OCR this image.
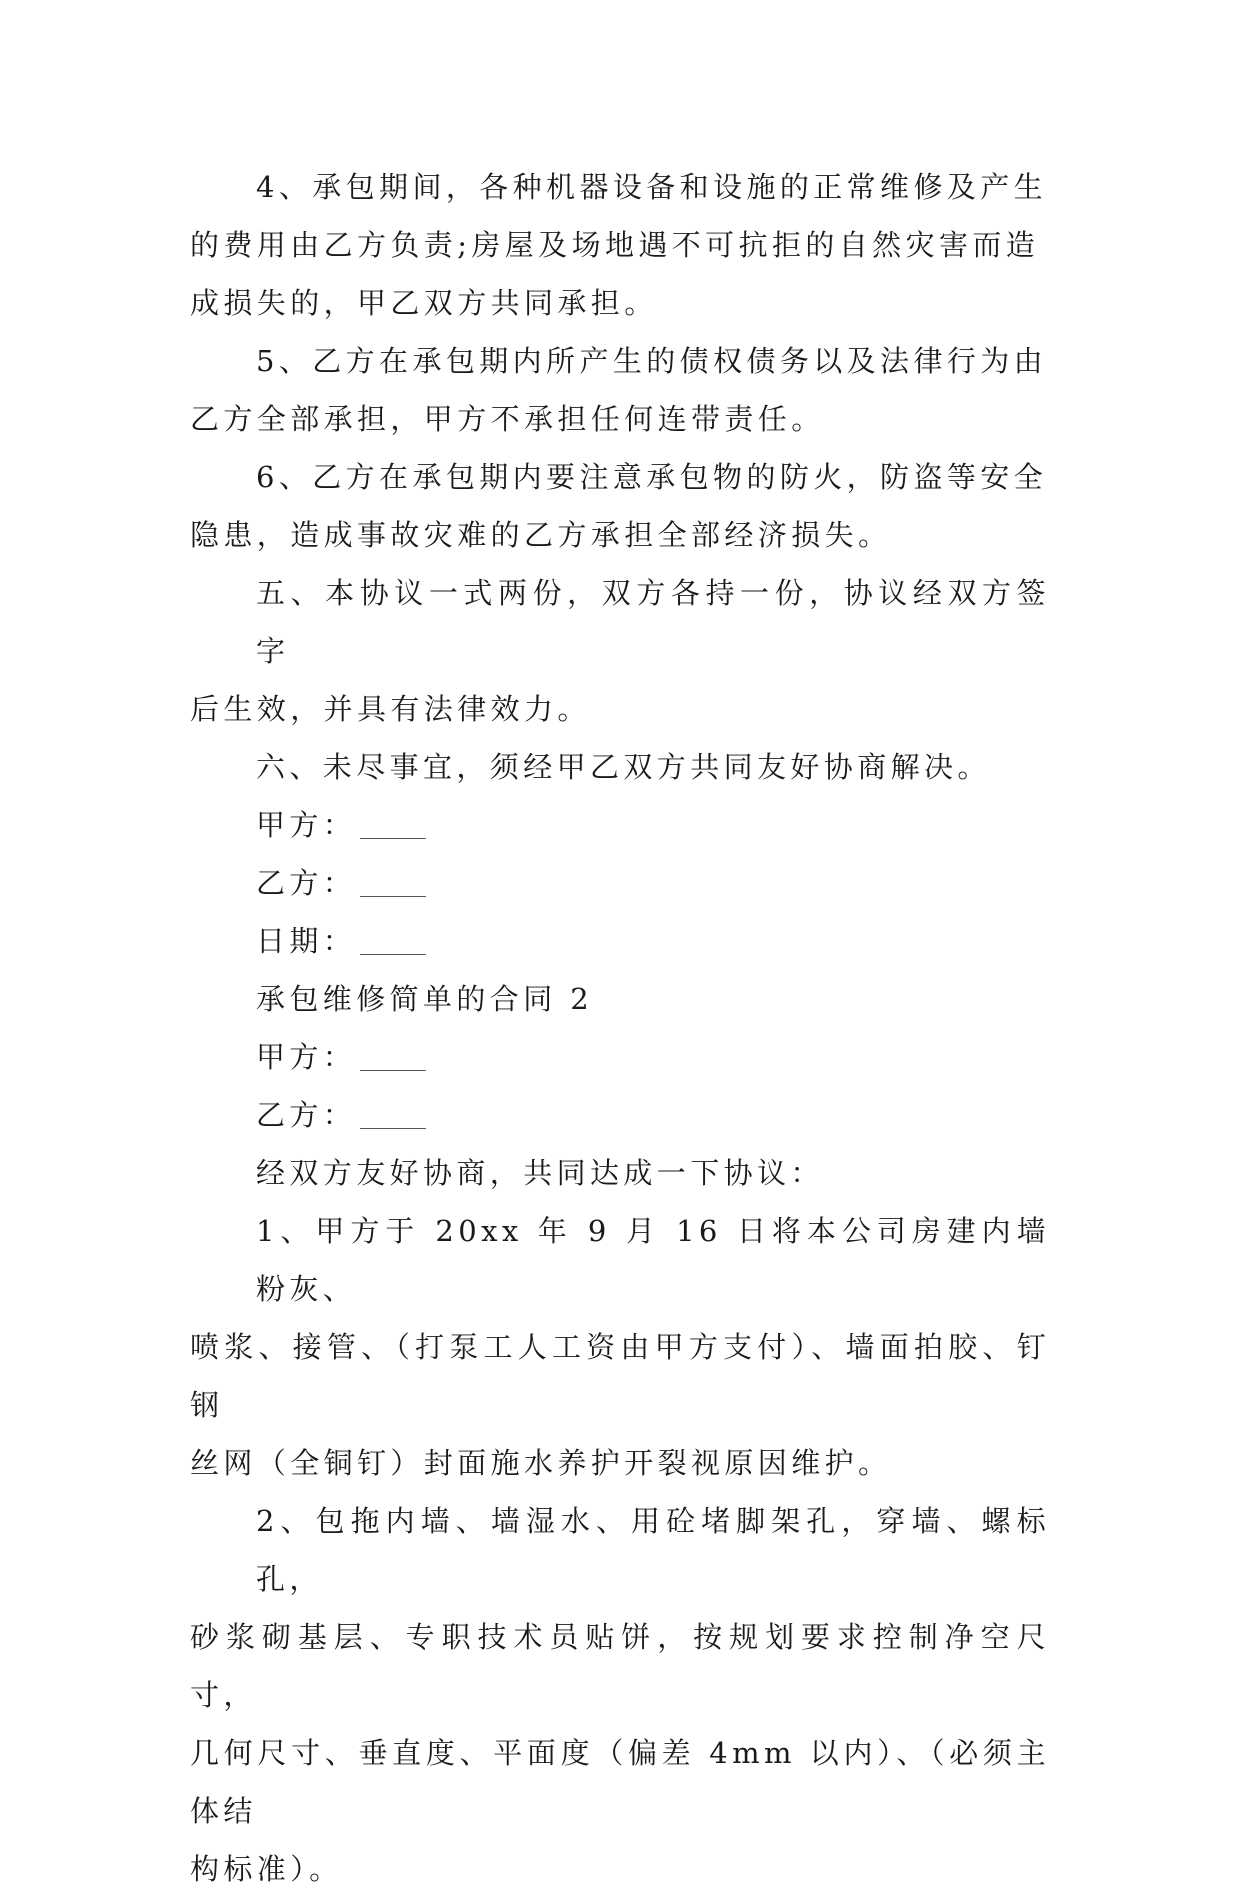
4、承包期间，各种机器设备和设施的正常维修及产生
的费用由乙方负责;房屋及场地遇不可抗拒的自然灾害而造
成损失的，甲乙双方共同承担。

5、乙方在承包期内所产生的债权债务以及法律行为由
乙方全部承担，甲方不承担任何连带责任。

6、乙方在承包期内要注意承包物的防火，防盗等安全
隐患，造成事故灾难的乙方承担全部经济损失。

五、本协议一式两份，双方各持一份，协议经双方签字
后生效，并具有法律效力。

六、未尽事宜，须经甲乙双方共同友好协商解决。

甲方：

乙方：

日期：

承包维修简单的合同 2

甲方：

乙方：

经双方友好协商，共同达成一下协议：

1、甲方于 20xx 年 9 月 16 日将本公司房建内墙粉灰、
喷浆、接管、（打泵工人工资由甲方支付）、墙面拍胶、钉钢
丝网（全铜钉）封面施水养护开裂视原因维护。

2、包拖内墙、墙湿水、用砼堵脚架孔，穿墙、螺标孔，
砂浆砌基层、专职技术员贴饼，按规划要求控制净空尺寸，
几何尺寸、垂直度、平面度（偏差 4mm 以内）、（必须主体结
构标准）。
